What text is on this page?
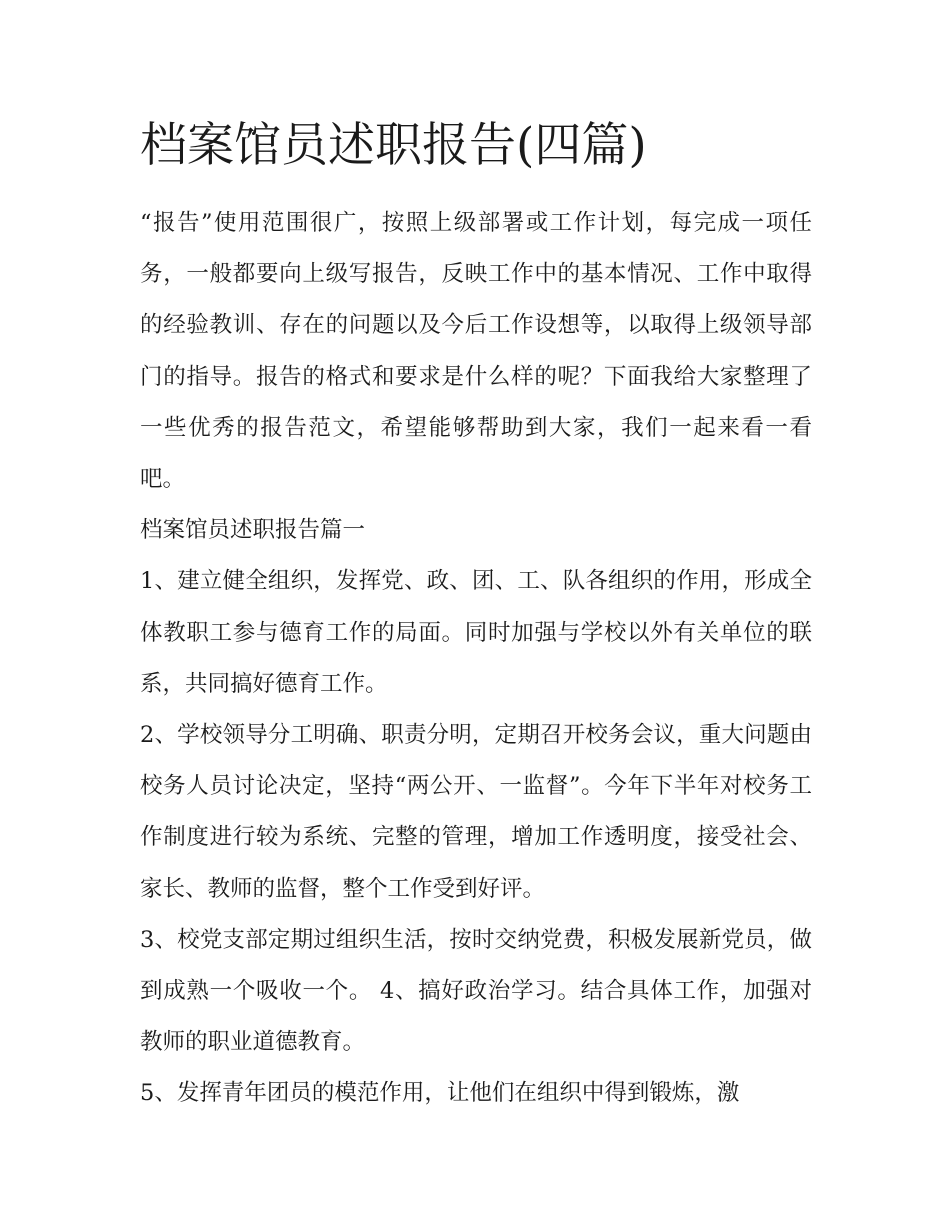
档案馆员述职报告(四篇)

“报告”使用范围很广，按照上级部署或工作计划，每完成一项任务，一般都要向上级写报告，反映工作中的基本情况、工作中取得的经验教训、存在的问题以及今后工作设想等，以取得上级领导部门的指导。报告的格式和要求是什么样的呢？下面我给大家整理了一些优秀的报告范文，希望能够帮助到大家，我们一起来看一看吧。

档案馆员述职报告篇一

1、建立健全组织，发挥党、政、团、工、队各组织的作用，形成全体教职工参与德育工作的局面。同时加强与学校以外有关单位的联系，共同搞好德育工作。

2、学校领导分工明确、职责分明，定期召开校务会议，重大问题由校务人员讨论决定，坚持“两公开、一监督”。今年下半年对校务工作制度进行较为系统、完整的管理，增加工作透明度，接受社会、家长、教师的监督，整个工作受到好评。

3、校党支部定期过组织生活，按时交纳党费，积极发展新党员，做到成熟一个吸收一个。 4、搞好政治学习。结合具体工作，加强对教师的职业道德教育。

5、发挥青年团员的模范作用，让他们在组织中得到锻炼，激
